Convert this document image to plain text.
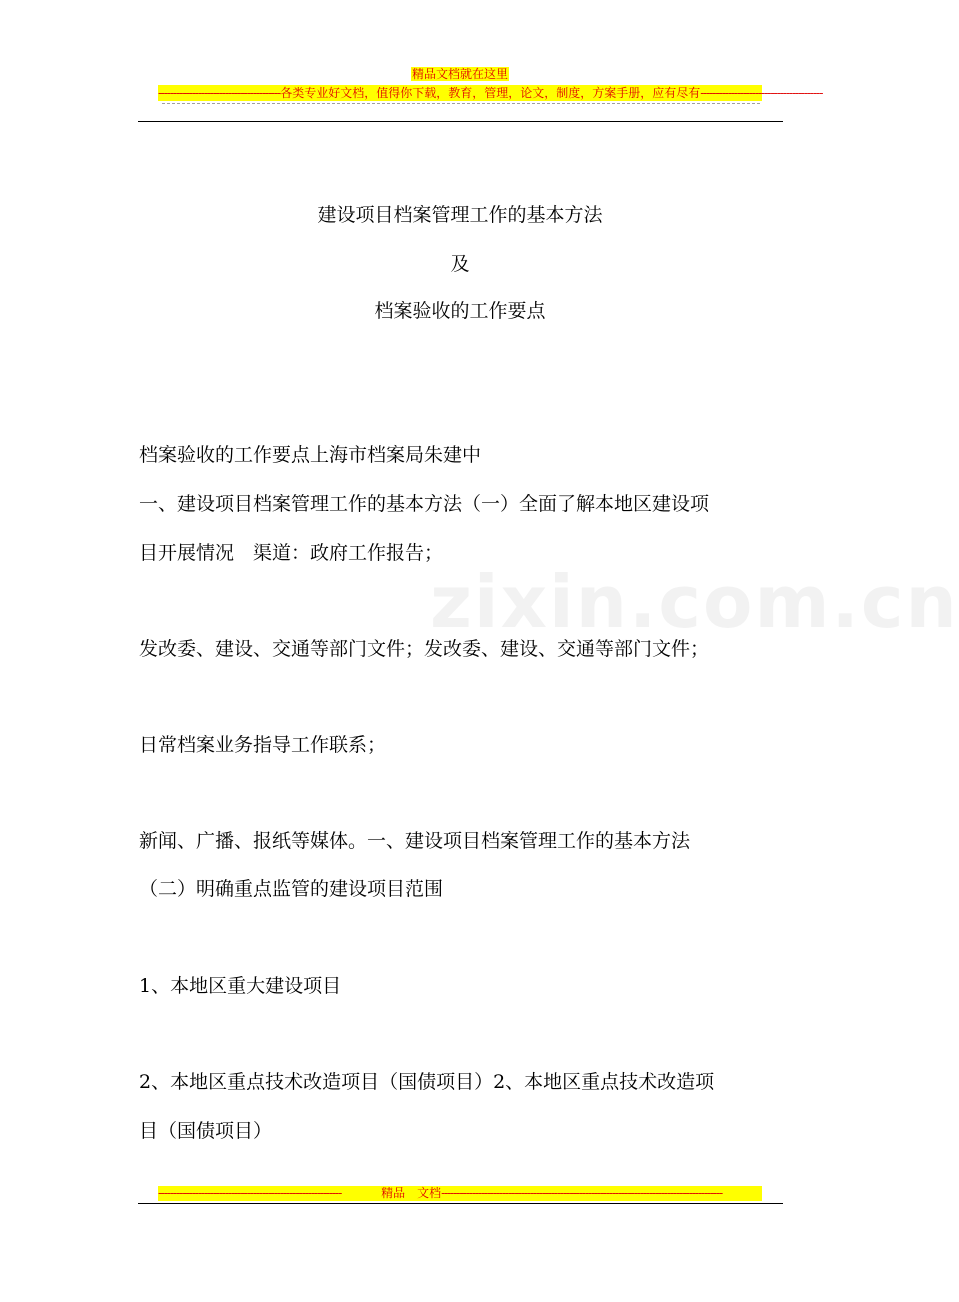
精品文档就在这里
---------------------------------------- 各类专业好文档，值得你下载，教育，管理，论文，制度，方案手册，应有尽有 ----------------------------------------
zixin.com.cn
建设项目档案管理工作的基本方法
及
档案验收的工作要点
档案验收的工作要点上海市档案局朱建中
一、建设项目档案管理工作的基本方法（一）全面了解本地区建设项
目开展情况　渠道：政府工作报告；
发改委、建设、交通等部门文件；发改委、建设、交通等部门文件；
日常档案业务指导工作联系；
新闻、广播、报纸等媒体。一、建设项目档案管理工作的基本方法
（二）明确重点监管的建设项目范围
1、本地区重大建设项目
2、本地区重点技术改造项目（国债项目）2、本地区重点技术改造项
目（国债项目）
------------------------------------------------------------	精品　文档 --------------------------------------------------------------------------------------------
